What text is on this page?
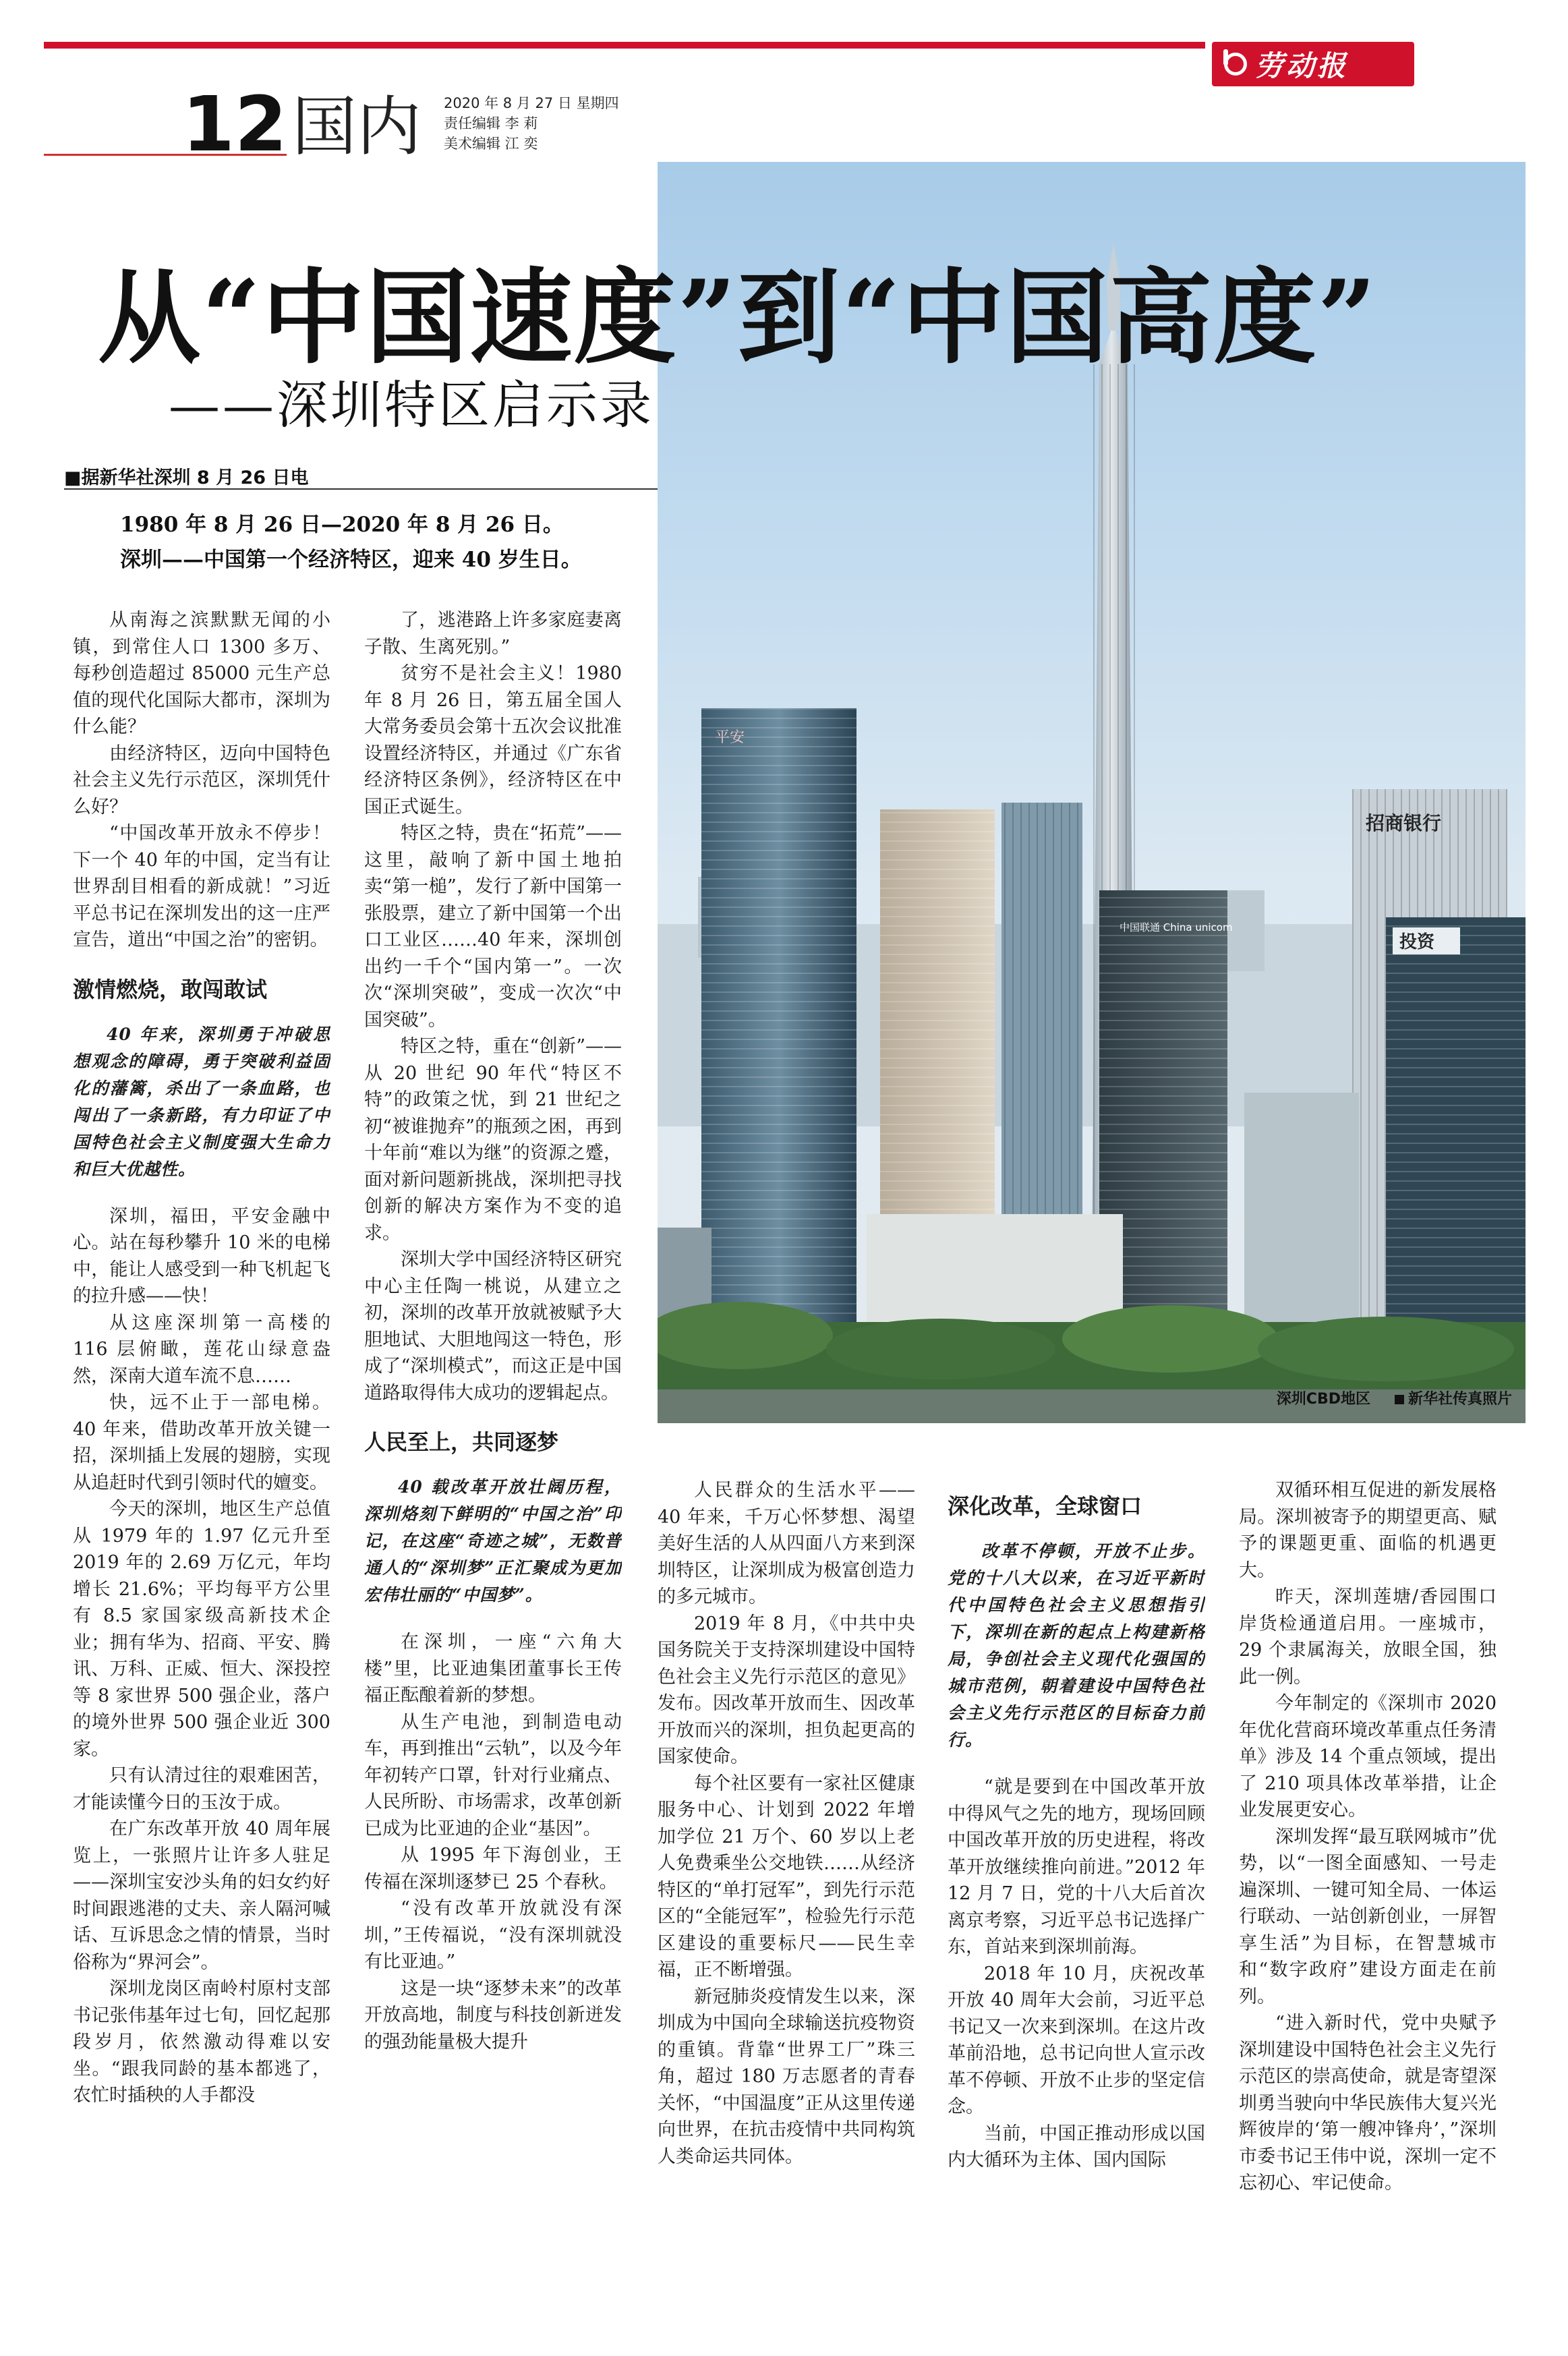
劳动报
12 国内 2020 年 8 月 27 日 星期四
责任编辑 李 莉
美术编辑 江 奕
平安
中国联通 China unicom
招商银行
投资
深圳CBD地区	新华社传真照片
从“中国速度”到“中国高度”
——深圳特区启示录
■据新华社深圳 8 月 26 日电
1980 年 8 月 26 日—2020 年 8 月 26 日。
深圳——中国第一个经济特区，迎来 40 岁生日。

从南海之滨默默无闻的小镇，到常住人口 1300 多万、每秒创造超过 85000 元生产总值的现代化国际大都市，深圳为什么能？

由经济特区，迈向中国特色社会主义先行示范区，深圳凭什么好？

“中国改革开放永不停步！下一个 40 年的中国，定当有让世界刮目相看的新成就！”习近平总书记在深圳发出的这一庄严宣告，道出“中国之治”的密钥。

激情燃烧，敢闯敢试
40 年来，深圳勇于冲破思想观念的障碍，勇于突破利益固化的藩篱，杀出了一条血路，也闯出了一条新路，有力印证了中国特色社会主义制度强大生命力和巨大优越性。

深圳，福田，平安金融中心。站在每秒攀升 10 米的电梯中，能让人感受到一种飞机起飞的拉升感——快！

从这座深圳第一高楼的 116 层俯瞰，莲花山绿意盎然，深南大道车流不息……

快，远不止于一部电梯。40 年来，借助改革开放关键一招，深圳插上发展的翅膀，实现从追赶时代到引领时代的嬗变。

今天的深圳，地区生产总值从 1979 年的 1.97 亿元升至 2019 年的 2.69 万亿元，年均增长 21.6%；平均每平方公里有 8.5 家国家级高新技术企业；拥有华为、招商、平安、腾讯、万科、正威、恒大、深投控等 8 家世界 500 强企业，落户的境外世界 500 强企业近 300 家。

只有认清过往的艰难困苦，才能读懂今日的玉汝于成。

在广东改革开放 40 周年展览上，一张照片让许多人驻足——深圳宝安沙头角的妇女约好时间跟逃港的丈夫、亲人隔河喊话、互诉思念之情的情景，当时俗称为“界河会”。

深圳龙岗区南岭村原村支部书记张伟基年过七旬，回忆起那段岁月，依然激动得难以安坐。“跟我同龄的基本都逃了，农忙时插秧的人手都没

了，逃港路上许多家庭妻离子散、生离死别。”

贫穷不是社会主义！1980 年 8 月 26 日，第五届全国人大常务委员会第十五次会议批准设置经济特区，并通过《广东省经济特区条例》，经济特区在中国正式诞生。

特区之特，贵在“拓荒”——这里，敲响了新中国土地拍卖“第一槌”，发行了新中国第一张股票，建立了新中国第一个出口工业区……40 年来，深圳创出约一千个“国内第一”。一次次“深圳突破”，变成一次次“中国突破”。

特区之特，重在“创新”——从 20 世纪 90 年代“特区不特”的政策之忧，到 21 世纪之初“被谁抛弃”的瓶颈之困，再到十年前“难以为继”的资源之蹙，面对新问题新挑战，深圳把寻找创新的解决方案作为不变的追求。

深圳大学中国经济特区研究中心主任陶一桃说，从建立之初，深圳的改革开放就被赋予大胆地试、大胆地闯这一特色，形成了“深圳模式”，而这正是中国道路取得伟大成功的逻辑起点。

人民至上，共同逐梦
40 载改革开放壮阔历程，深圳烙刻下鲜明的“中国之治”印记，在这座“奇迹之城”，无数普通人的“深圳梦”正汇聚成为更加宏伟壮丽的“中国梦”。

在深圳，一座“六角大楼”里，比亚迪集团董事长王传福正酝酿着新的梦想。

从生产电池，到制造电动车，再到推出“云轨”，以及今年年初转产口罩，针对行业痛点、人民所盼、市场需求，改革创新已成为比亚迪的企业“基因”。

从 1995 年下海创业，王传福在深圳逐梦已 25 个春秋。

“没有改革开放就没有深圳，”王传福说，“没有深圳就没有比亚迪。”

这是一块“逐梦未来”的改革开放高地，制度与科技创新迸发的强劲能量极大提升

人民群众的生活水平——40 年来，千万心怀梦想、渴望美好生活的人从四面八方来到深圳特区，让深圳成为极富创造力的多元城市。

2019 年 8 月，《中共中央国务院关于支持深圳建设中国特色社会主义先行示范区的意见》发布。因改革开放而生、因改革开放而兴的深圳，担负起更高的国家使命。

每个社区要有一家社区健康服务中心、计划到 2022 年增加学位 21 万个、60 岁以上老人免费乘坐公交地铁……从经济特区的“单打冠军”，到先行示范区的“全能冠军”，检验先行示范区建设的重要标尺——民生幸福，正不断增强。

新冠肺炎疫情发生以来，深圳成为中国向全球输送抗疫物资的重镇。背靠“世界工厂”珠三角，超过 180 万志愿者的青春关怀，“中国温度”正从这里传递向世界，在抗击疫情中共同构筑人类命运共同体。

深化改革，全球窗口
改革不停顿，开放不止步。党的十八大以来，在习近平新时代中国特色社会主义思想指引下，深圳在新的起点上构建新格局，争创社会主义现代化强国的城市范例，朝着建设中国特色社会主义先行示范区的目标奋力前行。

“就是要到在中国改革开放中得风气之先的地方，现场回顾中国改革开放的历史进程，将改革开放继续推向前进。”2012 年 12 月 7 日，党的十八大后首次离京考察，习近平总书记选择广东，首站来到深圳前海。

2018 年 10 月，庆祝改革开放 40 周年大会前，习近平总书记又一次来到深圳。在这片改革前沿地，总书记向世人宣示改革不停顿、开放不止步的坚定信念。

当前，中国正推动形成以国内大循环为主体、国内国际

双循环相互促进的新发展格局。深圳被寄予的期望更高、赋予的课题更重、面临的机遇更大。

昨天，深圳莲塘/香园围口岸货检通道启用。一座城市，29 个隶属海关，放眼全国，独此一例。

今年制定的《深圳市 2020 年优化营商环境改革重点任务清单》涉及 14 个重点领域，提出了 210 项具体改革举措，让企业发展更安心。

深圳发挥“最互联网城市”优势，以“一图全面感知、一号走遍深圳、一键可知全局、一体运行联动、一站创新创业，一屏智享生活”为目标，在智慧城市和“数字政府”建设方面走在前列。

“进入新时代，党中央赋予深圳建设中国特色社会主义先行示范区的崇高使命，就是寄望深圳勇当驶向中华民族伟大复兴光辉彼岸的‘第一艘冲锋舟’，”深圳市委书记王伟中说，深圳一定不忘初心、牢记使命。
